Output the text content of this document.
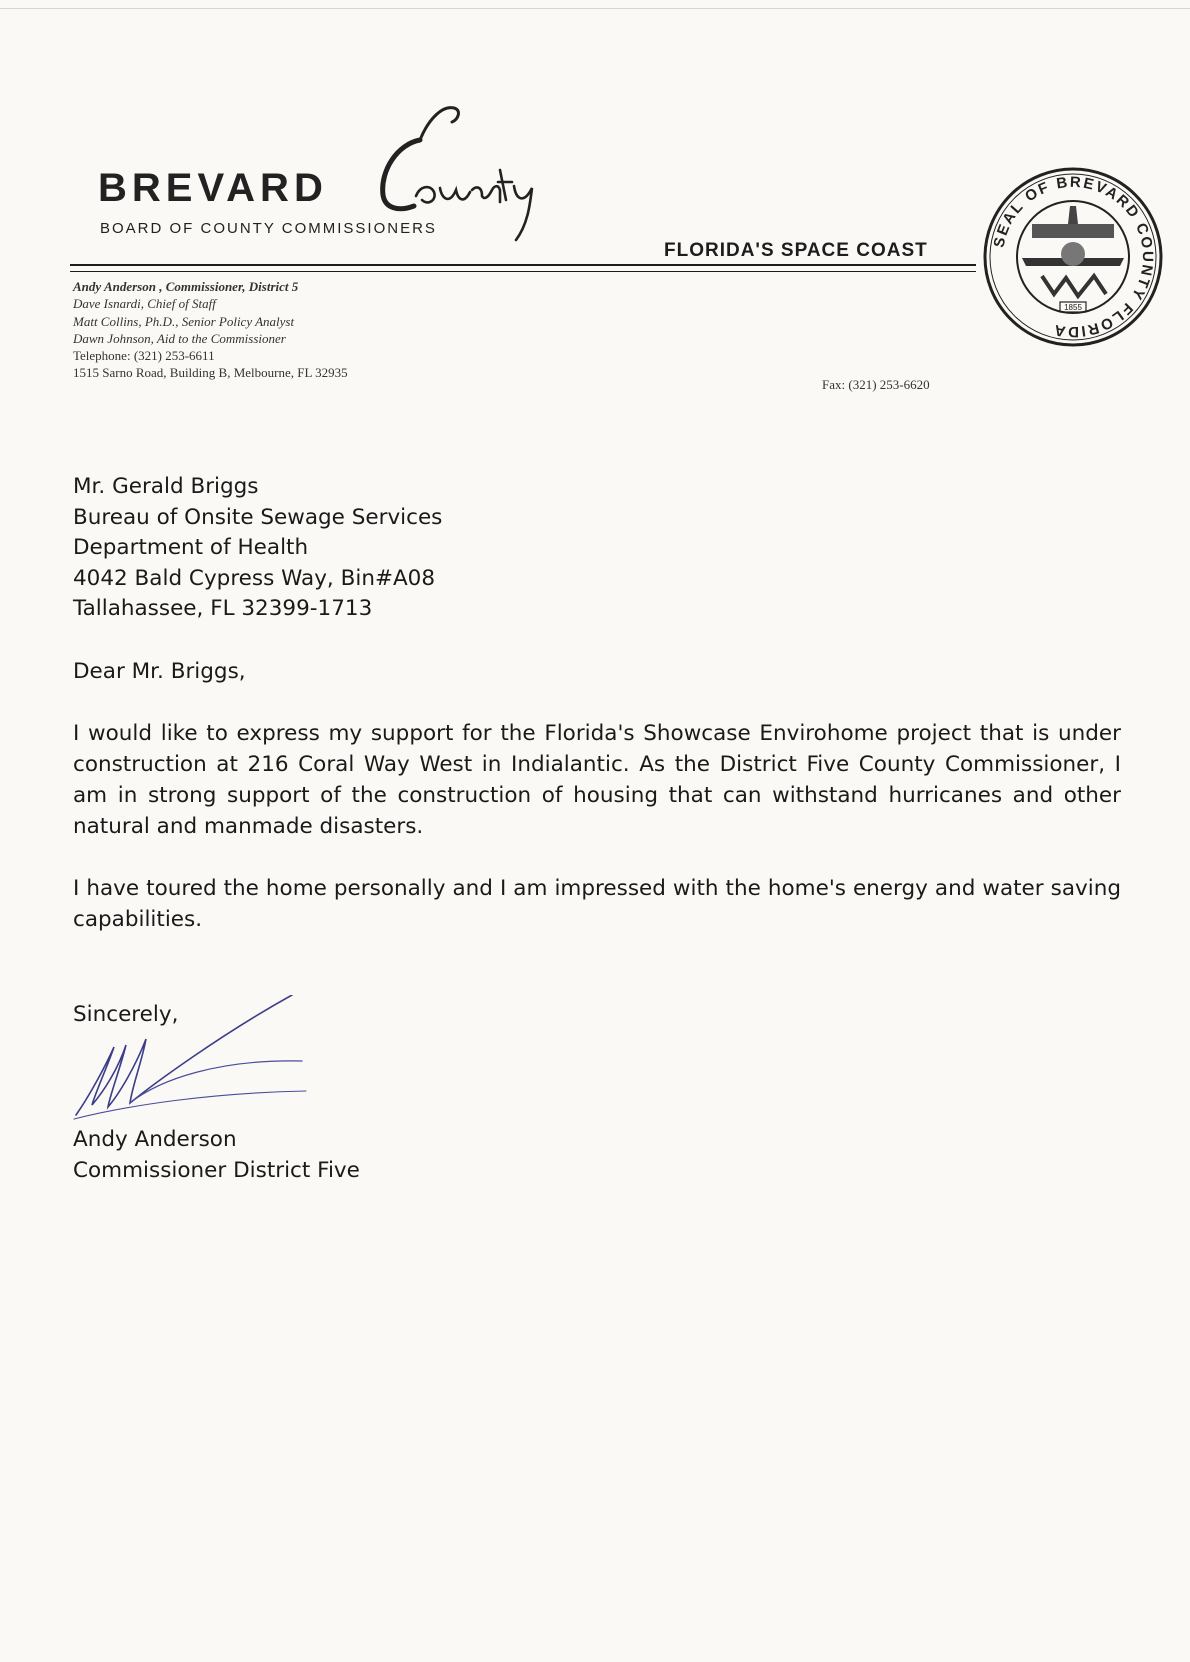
BREVARD	County
BOARD OF COUNTY COMMISSIONERS
FLORIDA'S SPACE COAST	SEAL OF BREVARD COUNTY FLORIDA
1855
Andy Anderson , Commissioner, District 5
Dave Isnardi, Chief of Staff
Matt Collins, Ph.D., Senior Policy Analyst
Dawn Johnson, Aid to the Commissioner
Telephone: (321) 253-6611
1515 Sarno Road, Building B, Melbourne, FL 32935
Fax: (321) 253-6620
Mr. Gerald Briggs
Bureau of Onsite Sewage Services
Department of Health
4042 Bald Cypress Way, Bin#A08
Tallahassee, FL 32399-1713
Dear Mr. Briggs,
I would like to express my support for the Florida's Showcase Envirohome project that is under construction at 216 Coral Way West in Indialantic. As the District Five County Commissioner, I am in strong support of the construction of housing that can withstand hurricanes and other natural and manmade disasters.
I have toured the home personally and I am impressed with the home's energy and water saving capabilities.
Sincerely,
Andy Anderson
Commissioner District Five
